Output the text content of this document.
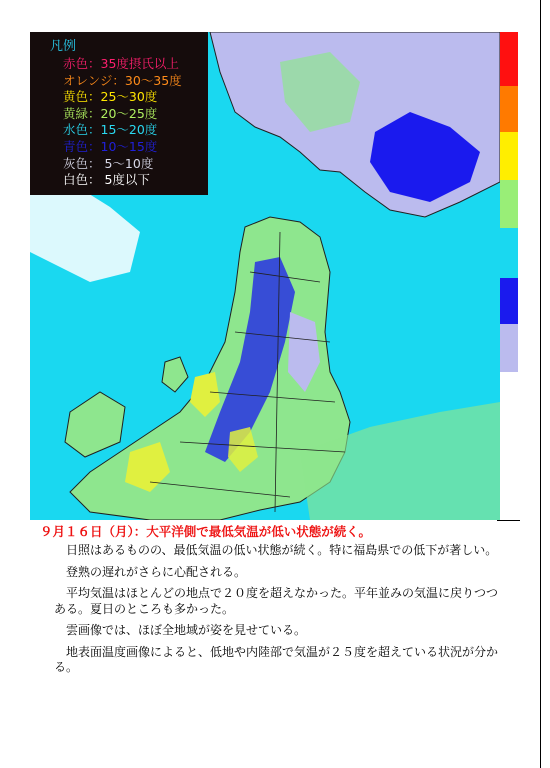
凡例
赤色：35度摂氏以上
オレンジ：30～35度
黄色：25～30度
黄緑：20～25度
水色：15～20度
青色：10～15度
灰色： 5～10度
白色： 5度以下
９月１６日（月）：大平洋側で最低気温が低い状態が続く。

日照はあるものの、最低気温の低い状態が続く。特に福島県での低下が著しい。

登熟の遅れがさらに心配される。

平均気温はほとんどの地点で２０度を超えなかった。平年並みの気温に戻りつつある。夏日のところも多かった。

雲画像では、ほぼ全地域が姿を見せている。

地表面温度画像によると、低地や内陸部で気温が２５度を超えている状況が分かる。
